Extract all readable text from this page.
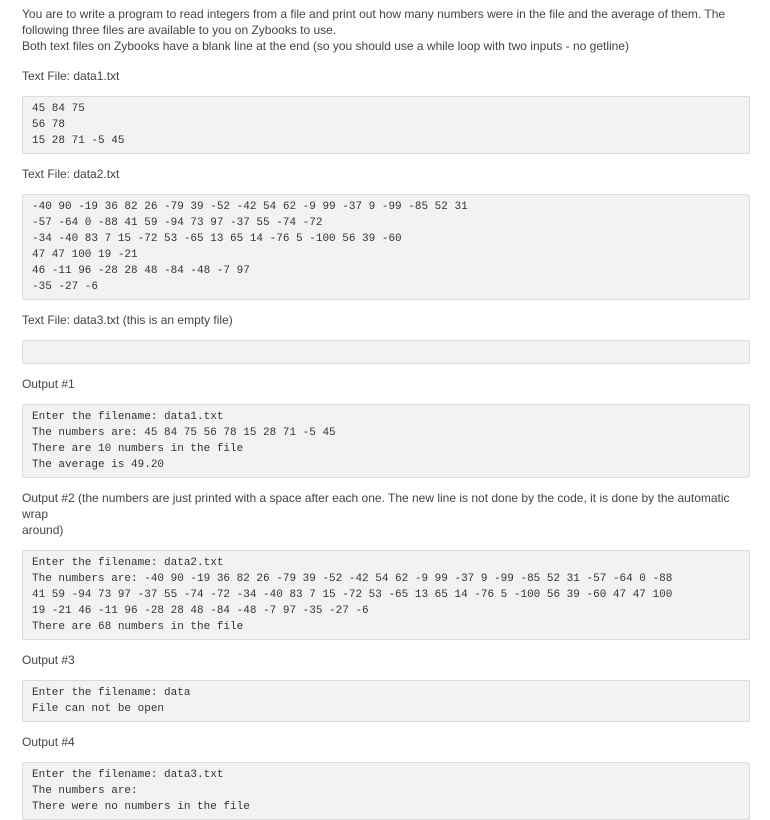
You are to write a program to read integers from a file and print out how many numbers were in the file and the average of them. The

following three files are available to you on Zybooks to use.

Both text files on Zybooks have a blank line at the end (so you should use a while loop with two inputs - no getline)

Text File: data1.txt
45 84 75
56 78
15 28 71 -5 45
Text File: data2.txt
-40 90 -19 36 82 26 -79 39 -52 -42 54 62 -9 99 -37 9 -99 -85 52 31
-57 -64 0 -88 41 59 -94 73 97 -37 55 -74 -72
-34 -40 83 7 15 -72 53 -65 13 65 14 -76 5 -100 56 39 -60
47 47 100 19 -21
46 -11 96 -28 28 48 -84 -48 -7 97
-35 -27 -6
Text File: data3.txt (this is an empty file)
Output #1
Enter the filename: data1.txt
The numbers are: 45 84 75 56 78 15 28 71 -5 45
There are 10 numbers in the file
The average is 49.20
Output #2 (the numbers are just printed with a space after each one. The new line is not done by the code, it is done by the automatic wrap
around)
Enter the filename: data2.txt
The numbers are: -40 90 -19 36 82 26 -79 39 -52 -42 54 62 -9 99 -37 9 -99 -85 52 31 -57 -64 0 -88
41 59 -94 73 97 -37 55 -74 -72 -34 -40 83 7 15 -72 53 -65 13 65 14 -76 5 -100 56 39 -60 47 47 100
19 -21 46 -11 96 -28 28 48 -84 -48 -7 97 -35 -27 -6
There are 68 numbers in the file
Output #3
Enter the filename: data
File can not be open
Output #4
Enter the filename: data3.txt
The numbers are:
There were no numbers in the file
